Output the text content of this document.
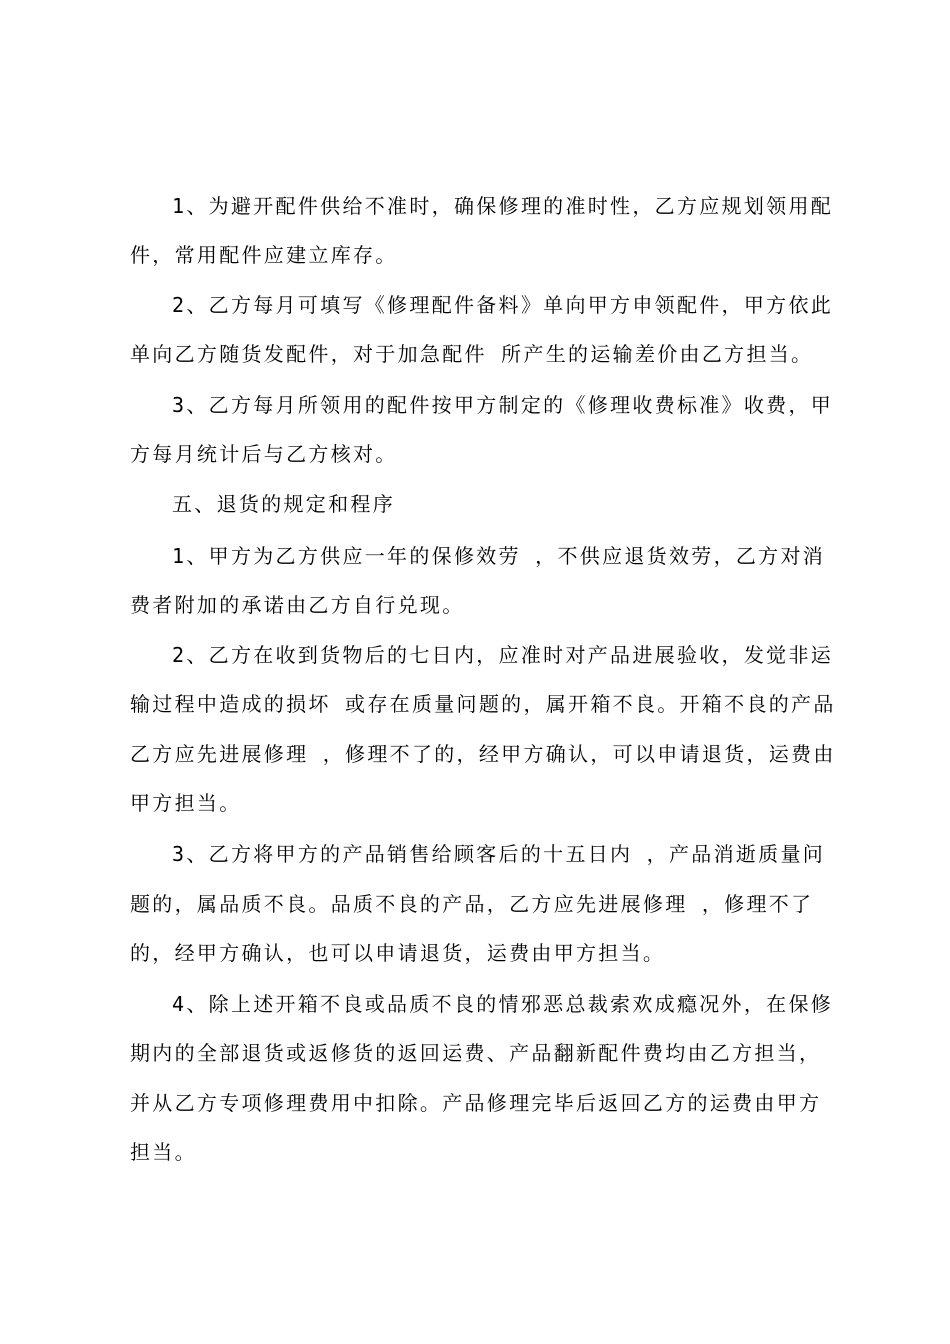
1、为避开配件供给不准时，确保修理的准时性，乙方应规划领用配
件，常用配件应建立库存。
2、乙方每月可填写《修理配件备料》单向甲方申领配件，甲方依此
单向乙方随货发配件，对于加急配件 所产生的运输差价由乙方担当。
3、乙方每月所领用的配件按甲方制定的《修理收费标准》收费，甲
方每月统计后与乙方核对。
五、退货的规定和程序
1、甲方为乙方供应一年的保修效劳 ，不供应退货效劳，乙方对消
费者附加的承诺由乙方自行兑现。
2、乙方在收到货物后的七日内，应准时对产品进展验收，发觉非运
输过程中造成的损坏 或存在质量问题的，属开箱不良。开箱不良的产品
乙方应先进展修理 ，修理不了的，经甲方确认，可以申请退货，运费由
甲方担当。
3、乙方将甲方的产品销售给顾客后的十五日内 ，产品消逝质量问
题的，属品质不良。品质不良的产品，乙方应先进展修理 ，修理不了
的，经甲方确认，也可以申请退货，运费由甲方担当。
4、除上述开箱不良或品质不良的情邪恶总裁索欢成瘾况外，在保修
期内的全部退货或返修货的返回运费、产品翻新配件费均由乙方担当，
并从乙方专项修理费用中扣除。产品修理完毕后返回乙方的运费由甲方
担当。
